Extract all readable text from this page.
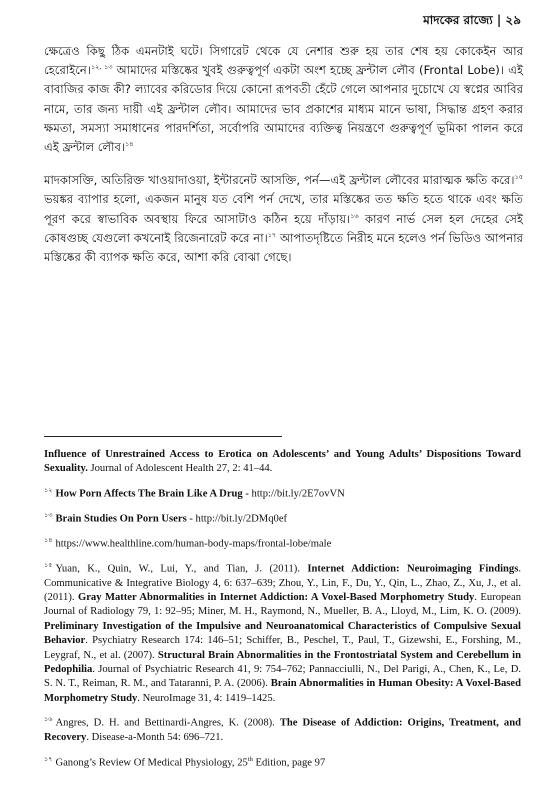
মাদকের রাজ্যে | ২৯

ক্ষেত্রেও কিছু ঠিক এমনটাই ঘটে। সিগারেট থেকে যে নেশার শুরু হয় তার শেষ হয় কোকেইন আর হেরোইনে।$^{১২, ১৩}$ আমাদের মস্তিষ্কের খুবই গুরুত্বপূর্ণ একটা অংশ হচ্ছে ফ্রন্টাল লৌব (Frontal Lobe)। এই বাবাজির কাজ কী? ল্যাবের করিডোর দিয়ে কোনো রূপবতী হেঁটে গেলে আপনার দুচোখে যে স্বপ্নের আবির নামে, তার জন্য দায়ী এই ফ্রন্টাল লৌব। আমাদের ভাব প্রকাশের মাধ্যম মানে ভাষা, সিদ্ধান্ত গ্রহণ করার ক্ষমতা, সমস্যা সমাধানের পারদর্শিতা, সর্বোপরি আমাদের ব্যক্তিত্ব নিয়ন্ত্রণে গুরুত্বপূর্ণ ভূমিকা পালন করে এই ফ্রন্টাল লৌব।$^{১৪}$

মাদকাসক্তি, অতিরিক্ত খাওয়াদাওয়া, ইন্টারনেট আসক্তি, পর্ন—এই ফ্রন্টাল লৌবের মারাত্মক ক্ষতি করে।$^{১৫}$ ভয়ঙ্কর ব্যাপার হলো, একজন মানুষ যত বেশি পর্ন দেখে, তার মস্তিষ্কের তত ক্ষতি হতে থাকে এবং ক্ষতি পূরণ করে স্বাভাবিক অবস্থায় ফিরে আসাটাও কঠিন হয়ে দাঁড়ায়।$^{১৬}$ কারণ নার্ভ সেল হল দেহের সেই কোষগুচ্ছ যেগুলো কখনোই রিজেনারেট করে না।$^{১৭}$ আপাতদৃষ্টিতে নিরীহ মনে হলেও পর্ন ভিডিও আপনার মস্তিষ্কের কী ব্যাপক ক্ষতি করে, আশা করি বোঝা গেছে।

Influence of Unrestrained Access to Erotica on Adolescents’ and Young Adults’ Dispositions Toward Sexuality. Journal of Adolescent Health 27, 2: 41–44.
$^{১২}$ How Porn Affects The Brain Like A Drug - http://bit.ly/2E7ovVN
$^{১৩}$ Brain Studies On Porn Users - http://bit.ly/2DMq0ef
$^{১৪}$ https://www.healthline.com/human-body-maps/frontal-lobe/male
$^{১৫}$ Yuan, K., Quin, W., Lui, Y., and Tian, J. (2011). Internet Addiction: Neuroimaging Findings. Communicative & Integrative Biology 4, 6: 637–639; Zhou, Y., Lin, F., Du, Y., Qin, L., Zhao, Z., Xu, J., et al. (2011). Gray Matter Abnormalities in Internet Addiction: A Voxel-Based Morphometry Study. European Journal of Radiology 79, 1: 92–95; Miner, M. H., Raymond, N., Mueller, B. A., Lloyd, M., Lim, K. O. (2009). Preliminary Investigation of the Impulsive and Neuroanatomical Characteristics of Compulsive Sexual Behavior. Psychiatry Research 174: 146–51; Schiffer, B., Peschel, T., Paul, T., Gizewshi, E., Forshing, M., Leygraf, N., et al. (2007). Structural Brain Abnormalities in the Frontostriatal System and Cerebellum in Pedophilia. Journal of Psychiatric Research 41, 9: 754–762; Pannacciulli, N., Del Parigi, A., Chen, K., Le, D. S. N. T., Reiman, R. M., and Tataranni, P. A. (2006). Brain Abnormalities in Human Obesity: A Voxel-Based Morphometry Study. NeuroImage 31, 4: 1419–1425.
$^{১৬}$ Angres, D. H. and Bettinardi-Angres, K. (2008). The Disease of Addiction: Origins, Treatment, and Recovery. Disease-a-Month 54: 696–721.
$^{১৭}$ Ganong’s Review Of Medical Physiology, 25th Edition, page 97
